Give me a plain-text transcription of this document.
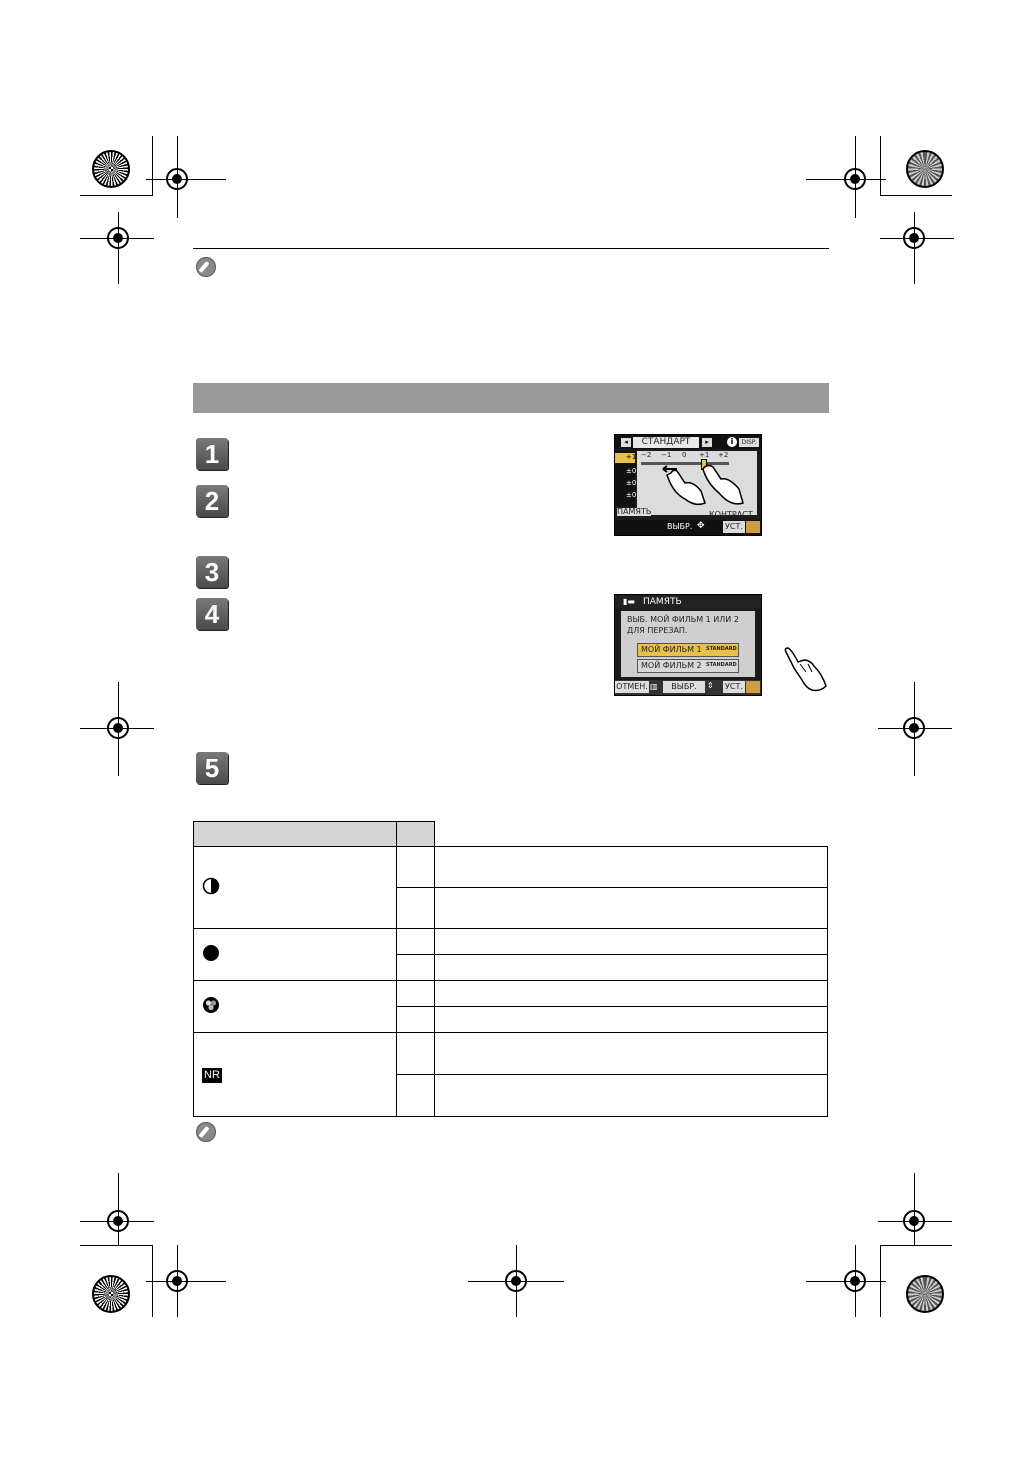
1
2
3
4
5
◂	СТАНДАРТ	▸	i	DISP.
+1
±0
±0
±0
−2 −1 0 +1 +2
ПАМЯТЬ	КОНТРАСТ
ВЫБР. ✥	УСТ.
▮▬ ПАМЯТЬ
ВЫБ. МОЙ ФИЛЬМ 1 ИЛИ 2
ДЛЯ ПЕРЕЗАП.
МОЙ ФИЛЬМ 1 STANDARD
МОЙ ФИЛЬМ 2 STANDARD
ОТМЕН. ▥	ВЫБР.	⇕ УСТ.

NR		
